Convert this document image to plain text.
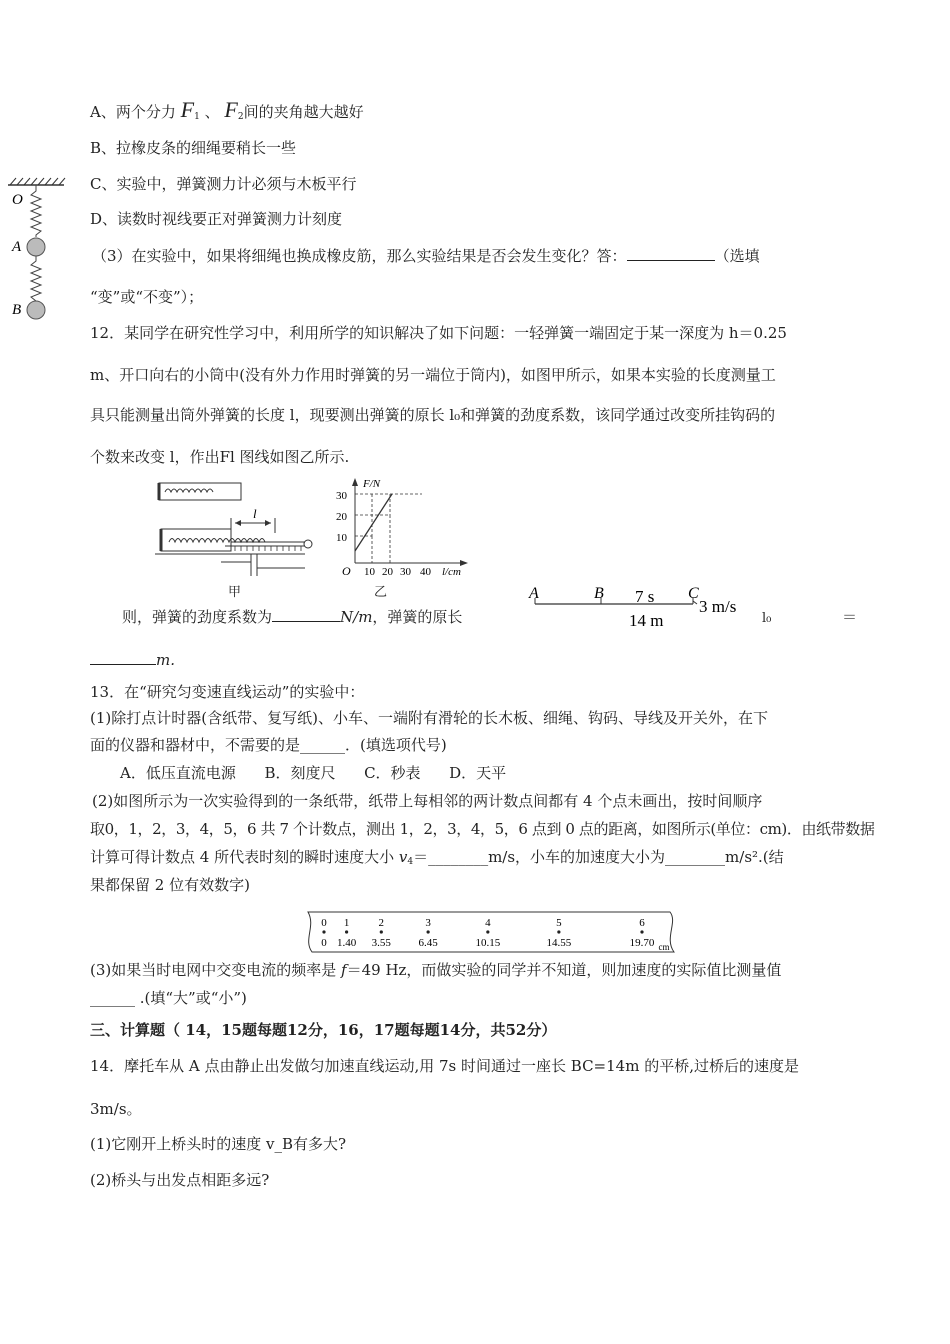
A、两个分力 $F_1$ 、 $F_2$间的夹角越大越好
B、拉橡皮条的细绳要稍长一些
C、实验中，弹簧测力计必须与木板平行
D、读数时视线要正对弹簧测力计刻度
（3）在实验中，如果将细绳也换成橡皮筋，那么实验结果是否会发生变化？答：	（选填
“变”或“不变”）；
O
A
B
12．某同学在研究性学习中，利用所学的知识解决了如下问题：一轻弹簧一端固定于某一深度为 h＝0.25
m、开口向右的小筒中(没有外力作用时弹簧的另一端位于筒内)，如图甲所示，如果本实验的长度测量工
具只能测量出筒外弹簧的长度 l，现要测出弹簧的原长 l₀和弹簧的劲度系数，该同学通过改变所挂钩码的
个数来改变 l，作出Fl 图线如图乙所示.
l
甲
30
20
10
F/N
O 10 20 30 40 l/cm
乙
则，弹簧的劲度系数为	N/m，弹簧的原长	l₀	＝
m.
A	B	C
7 s
14 m
3 m/s
13．在“研究匀变速直线运动”的实验中：
(1)除打点计时器(含纸带、复写纸)、小车、一端附有滑轮的长木板、细绳、钩码、导线及开关外，在下
面的仪器和器材中，不需要的是______．(填选项代号)
A．低压直流电源      B．刻度尺      C．秒表      D．天平
(2)如图所示为一次实验得到的一条纸带，纸带上每相邻的两计数点间都有 4 个点未画出，按时间顺序
取0，1，2，3，4，5，6 共 7 个计数点，测出 1，2，3，4，5，6 点到 0 点的距离，如图所示(单位：cm)．由纸带数据
计算可得计数点 4 所代表时刻的瞬时速度大小 $v_4=\_\_\_\_\_\_\_\_m/s$，小车的加速度大小为________m/s².(结
果都保留 2 位有效数字)
0
0
1
1.40
2
3.55
3
6.45
4
10.15
5
14.55
6
19.70 cm
(3)如果当时电网中交变电流的频率是 f＝49 Hz，而做实验的同学并不知道，则加速度的实际值比测量值
______ .(填“大”或“小”)
三、计算题（ 14，15题每题12分，16，17题每题14分，共52分）
14．摩托车从 A 点由静止出发做匀加速直线运动,用 7s 时间通过一座长 BC=14m 的平桥,过桥后的速度是
3m/s。
(1)它刚开上桥头时的速度 v_B有多大?
(2)桥头与出发点相距多远?
